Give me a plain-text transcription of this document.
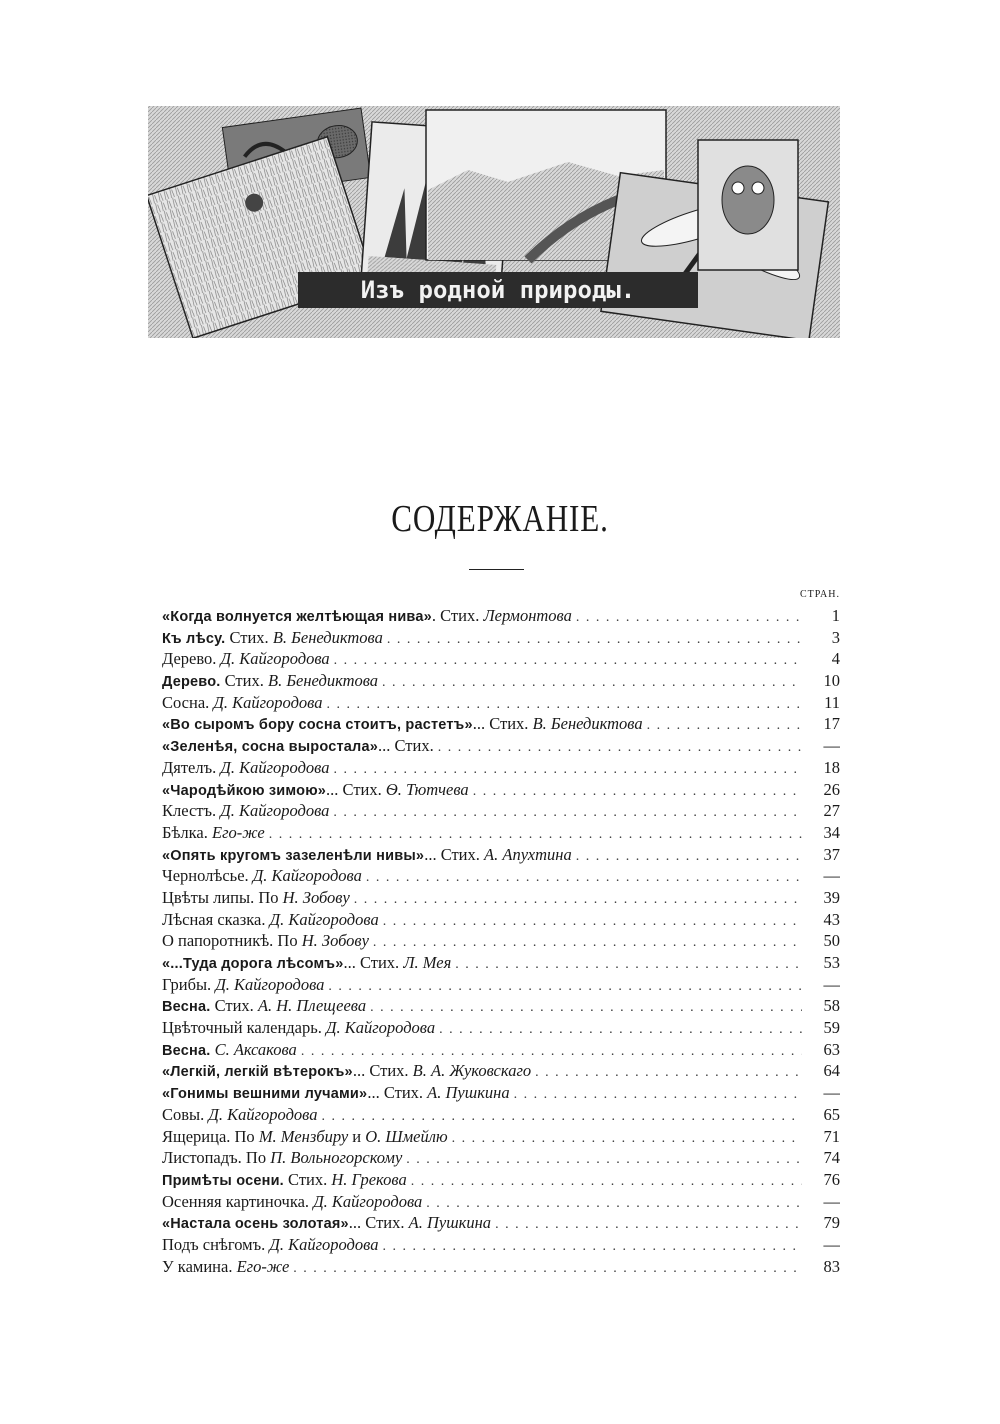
Изъ родной природы.
СОДЕРЖАНІЕ.
СТРАН.
«Когда волнуется желтѣющая нива». Стих. Лермонтова . . .	1
Къ лѣсу. Стих. В. Бенедиктова . . .	3
Дерево. Д. Кайгородова . . .	4
Дерево. Стих. В. Бенедиктова . . .	10
Сосна. Д. Кайгородова . . .	11
«Во сыромъ бору сосна стоитъ, растетъ»... Стих. В. Бенедиктова . . .	17
«Зеленѣя, сосна выростала»... Стих. . . .	—
Дятелъ. Д. Кайгородова . . .	18
«Чародѣйкою зимою»... Стих. Ѳ. Тютчева . . .	26
Клестъ. Д. Кайгородова . . .	27
Бѣлка. Его-же . . .	34
«Опять кругомъ зазеленѣли нивы»... Стих. А. Апухтина . . .	37
Чернолѣсье. Д. Кайгородова . . .	—
Цвѣты липы. По Н. Зобову . . .	39
Лѣсная сказка. Д. Кайгородова . . .	43
О папоротникѣ. По Н. Зобову . . .	50
«...Туда дорога лѣсомъ»... Стих. Л. Мея . . .	53
Грибы. Д. Кайгородова . . .	—
Весна. Стих. А. Н. Плещеева . . .	58
Цвѣточный календарь. Д. Кайгородова . . .	59
Весна. С. Аксакова . . .	63
«Легкій, легкій вѣтерокъ»... Стих. В. А. Жуковскаго . . .	64
«Гонимы вешними лучами»... Стих. А. Пушкина . . .	—
Совы. Д. Кайгородова . . .	65
Ящерица. По М. Мензбиру и О. Шмейлю . . .	71
Листопадъ. По П. Вольногорскому . . .	74
Примѣты осени. Стих. Н. Грекова . . .	76
Осенняя картиночка. Д. Кайгородова . . .	—
«Настала осень золотая»... Стих. А. Пушкина . . .	79
Подъ снѣгомъ. Д. Кайгородова . . .	—
У камина. Его-же . . .	83
